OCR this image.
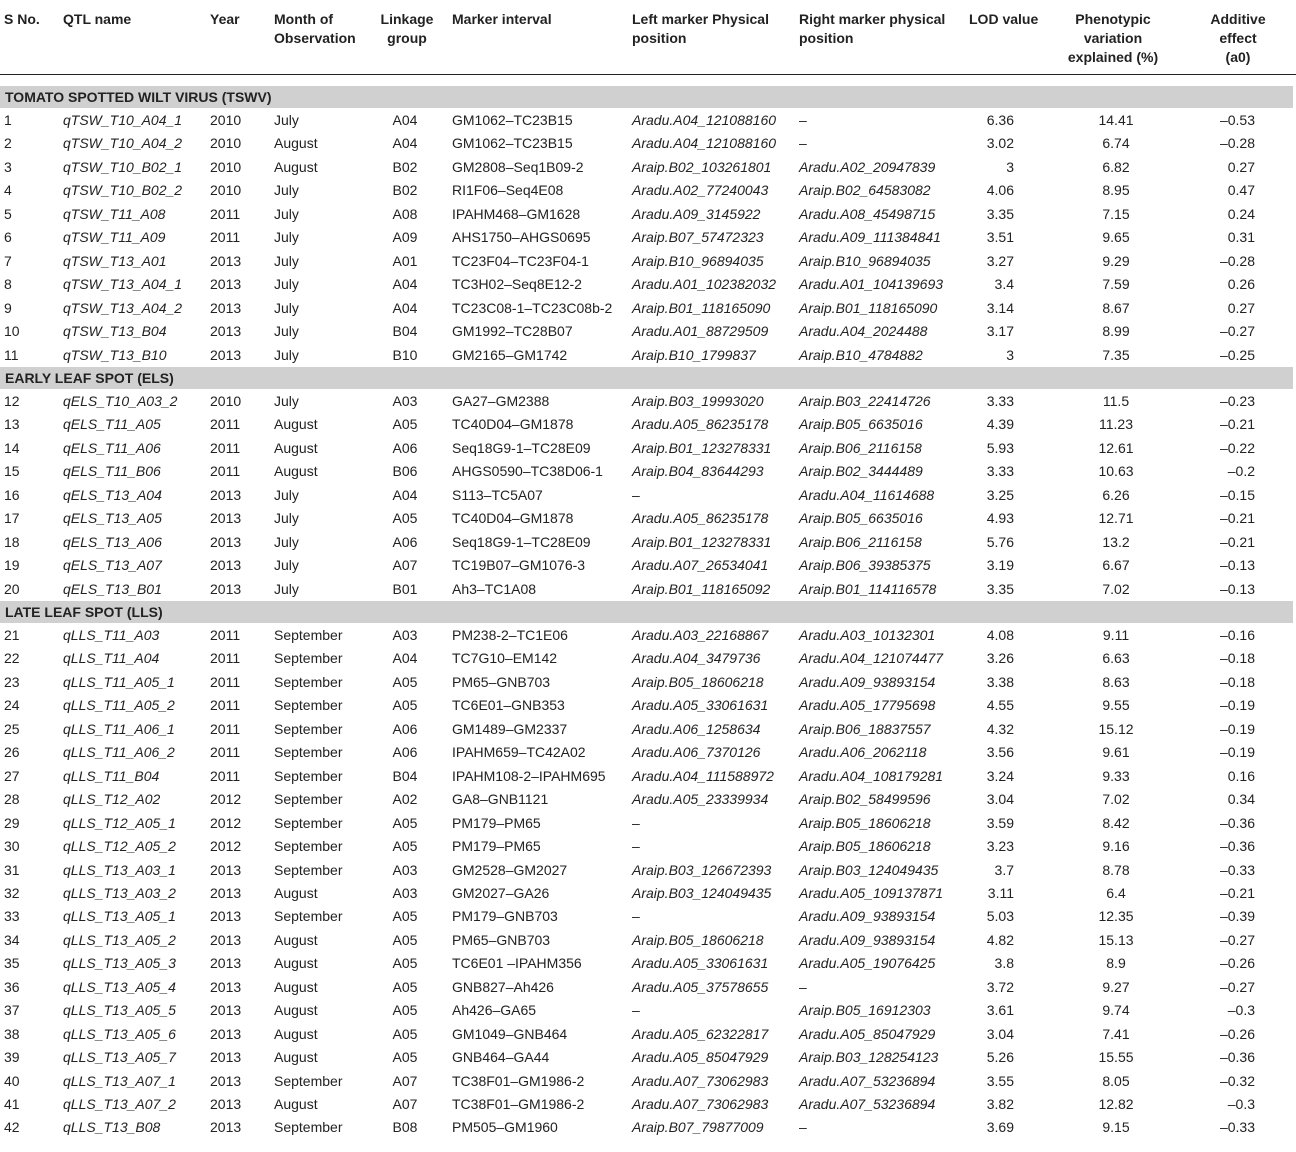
S No. QTL name	Year Month of
Observation
Linkage
group
Marker interval	Left marker Physical
position
Right marker physical
position
LOD value	Phenotypic
variation
explained (%)
Additive effect
(a0)
TOMATO SPOTTED WILT VIRUS (TSWV)
1	qTSW_T10_A04_1 2010 July	A04 GM1062–TC23B15	Aradu.A04_121088160 –	6.36	14.41	–0.53
2	qTSW_T10_A04_2 2010 August	A04 GM1062–TC23B15	Aradu.A04_121088160 –	3.02	6.74	–0.28
3	qTSW_T10_B02_1 2010 August	B02 GM2808–Seq1B09-2	Araip.B02_103261801 Aradu.A02_20947839	3	6.82	0.27
4	qTSW_T10_B02_2 2010 July	B02 RI1F06–Seq4E08	Aradu.A02_77240043 Araip.B02_64583082	4.06	8.95	0.47
5	qTSW_T11_A08	2011 July	A08 IPAHM468–GM1628	Aradu.A09_3145922	Aradu.A08_45498715	3.35	7.15	0.24
6	qTSW_T11_A09	2011 July	A09 AHS1750–AHGS0695	Araip.B07_57472323	Aradu.A09_111384841	3.51	9.65	0.31
7	qTSW_T13_A01	2013 July	A01 TC23F04–TC23F04-1	Araip.B10_96894035	Araip.B10_96894035	3.27	9.29	–0.28
8	qTSW_T13_A04_1 2013 July	A04 TC3H02–Seq8E12-2	Aradu.A01_102382032 Aradu.A01_104139693	3.4	7.59	0.26
9	qTSW_T13_A04_2 2013 July	A04 TC23C08-1–TC23C08b-2 Araip.B01_118165090 Araip.B01_118165090	3.14	8.67	0.27
10	qTSW_T13_B04	2013 July	B04 GM1992–TC28B07	Aradu.A01_88729509 Aradu.A04_2024488	3.17	8.99	–0.27
11	qTSW_T13_B10	2013 July	B10 GM2165–GM1742	Araip.B10_1799837	Araip.B10_4784882	3	7.35	–0.25
EARLY LEAF SPOT (ELS)
12	qELS_T10_A03_2 2010 July	A03 GA27–GM2388	Araip.B03_19993020	Araip.B03_22414726	3.33	11.5	–0.23
13	qELS_T11_A05	2011 August	A05 TC40D04–GM1878	Aradu.A05_86235178 Araip.B05_6635016	4.39	11.23	–0.21
14	qELS_T11_A06	2011 August	A06 Seq18G9-1–TC28E09	Araip.B01_123278331 Araip.B06_2116158	5.93	12.61	–0.22
15	qELS_T11_B06	2011 August	B06 AHGS0590–TC38D06-1 Araip.B04_83644293	Araip.B02_3444489	3.33	10.63	–0.2
16	qELS_T13_A04	2013 July	A04 S113–TC5A07	–	Aradu.A04_11614688	3.25	6.26	–0.15
17	qELS_T13_A05	2013 July	A05 TC40D04–GM1878	Aradu.A05_86235178 Araip.B05_6635016	4.93	12.71	–0.21
18	qELS_T13_A06	2013 July	A06 Seq18G9-1–TC28E09	Araip.B01_123278331 Araip.B06_2116158	5.76	13.2	–0.21
19	qELS_T13_A07	2013 July	A07 TC19B07–GM1076-3	Aradu.A07_26534041 Araip.B06_39385375	3.19	6.67	–0.13
20	qELS_T13_B01	2013 July	B01 Ah3–TC1A08	Araip.B01_118165092 Araip.B01_114116578	3.35	7.02	–0.13
LATE LEAF SPOT (LLS)
21	qLLS_T11_A03	2011 September	A03 PM238-2–TC1E06	Aradu.A03_22168867 Aradu.A03_10132301	4.08	9.11	–0.16
22	qLLS_T11_A04	2011 September	A04 TC7G10–EM142	Aradu.A04_3479736	Aradu.A04_121074477	3.26	6.63	–0.18
23	qLLS_T11_A05_1	2011 September	A05 PM65–GNB703	Araip.B05_18606218	Aradu.A09_93893154	3.38	8.63	–0.18
24	qLLS_T11_A05_2	2011 September	A05 TC6E01–GNB353	Aradu.A05_33061631 Aradu.A05_17795698	4.55	9.55	–0.19
25	qLLS_T11_A06_1	2011 September	A06 GM1489–GM2337	Aradu.A06_1258634	Araip.B06_18837557	4.32	15.12	–0.19
26	qLLS_T11_A06_2	2011 September	A06 IPAHM659–TC42A02	Aradu.A06_7370126	Aradu.A06_2062118	3.56	9.61	–0.19
27	qLLS_T11_B04	2011 September	B04 IPAHM108-2–IPAHM695 Aradu.A04_111588972 Aradu.A04_108179281	3.24	9.33	0.16
28	qLLS_T12_A02	2012 September	A02 GA8–GNB1121	Aradu.A05_23339934 Araip.B02_58499596	3.04	7.02	0.34
29	qLLS_T12_A05_1 2012 September	A05 PM179–PM65	–	Araip.B05_18606218	3.59	8.42	–0.36
30	qLLS_T12_A05_2 2012 September	A05 PM179–PM65	–	Araip.B05_18606218	3.23	9.16	–0.36
31	qLLS_T13_A03_1 2013 September	A03 GM2528–GM2027	Araip.B03_126672393 Araip.B03_124049435	3.7	8.78	–0.33
32	qLLS_T13_A03_2 2013 August	A03 GM2027–GA26	Araip.B03_124049435 Aradu.A05_109137871	3.11	6.4	–0.21
33	qLLS_T13_A05_1 2013 September	A05 PM179–GNB703	–	Aradu.A09_93893154	5.03	12.35	–0.39
34	qLLS_T13_A05_2 2013 August	A05 PM65–GNB703	Araip.B05_18606218	Aradu.A09_93893154	4.82	15.13	–0.27
35	qLLS_T13_A05_3 2013 August	A05 TC6E01 –IPAHM356	Aradu.A05_33061631 Aradu.A05_19076425	3.8	8.9	–0.26
36	qLLS_T13_A05_4 2013 August	A05 GNB827–Ah426	Aradu.A05_37578655 –	3.72	9.27	–0.27
37	qLLS_T13_A05_5 2013 August	A05 Ah426–GA65	–	Araip.B05_16912303	3.61	9.74	–0.3
38	qLLS_T13_A05_6 2013 August	A05 GM1049–GNB464	Aradu.A05_62322817 Aradu.A05_85047929	3.04	7.41	–0.26
39	qLLS_T13_A05_7 2013 August	A05 GNB464–GA44	Aradu.A05_85047929 Araip.B03_128254123	5.26	15.55	–0.36
40	qLLS_T13_A07_1 2013 September	A07 TC38F01–GM1986-2	Aradu.A07_73062983 Aradu.A07_53236894	3.55	8.05	–0.32
41	qLLS_T13_A07_2 2013 August	A07 TC38F01–GM1986-2	Aradu.A07_73062983 Aradu.A07_53236894	3.82	12.82	–0.3
42	qLLS_T13_B08	2013 September	B08 PM505–GM1960	Araip.B07_79877009	–	3.69	9.15	–0.33
